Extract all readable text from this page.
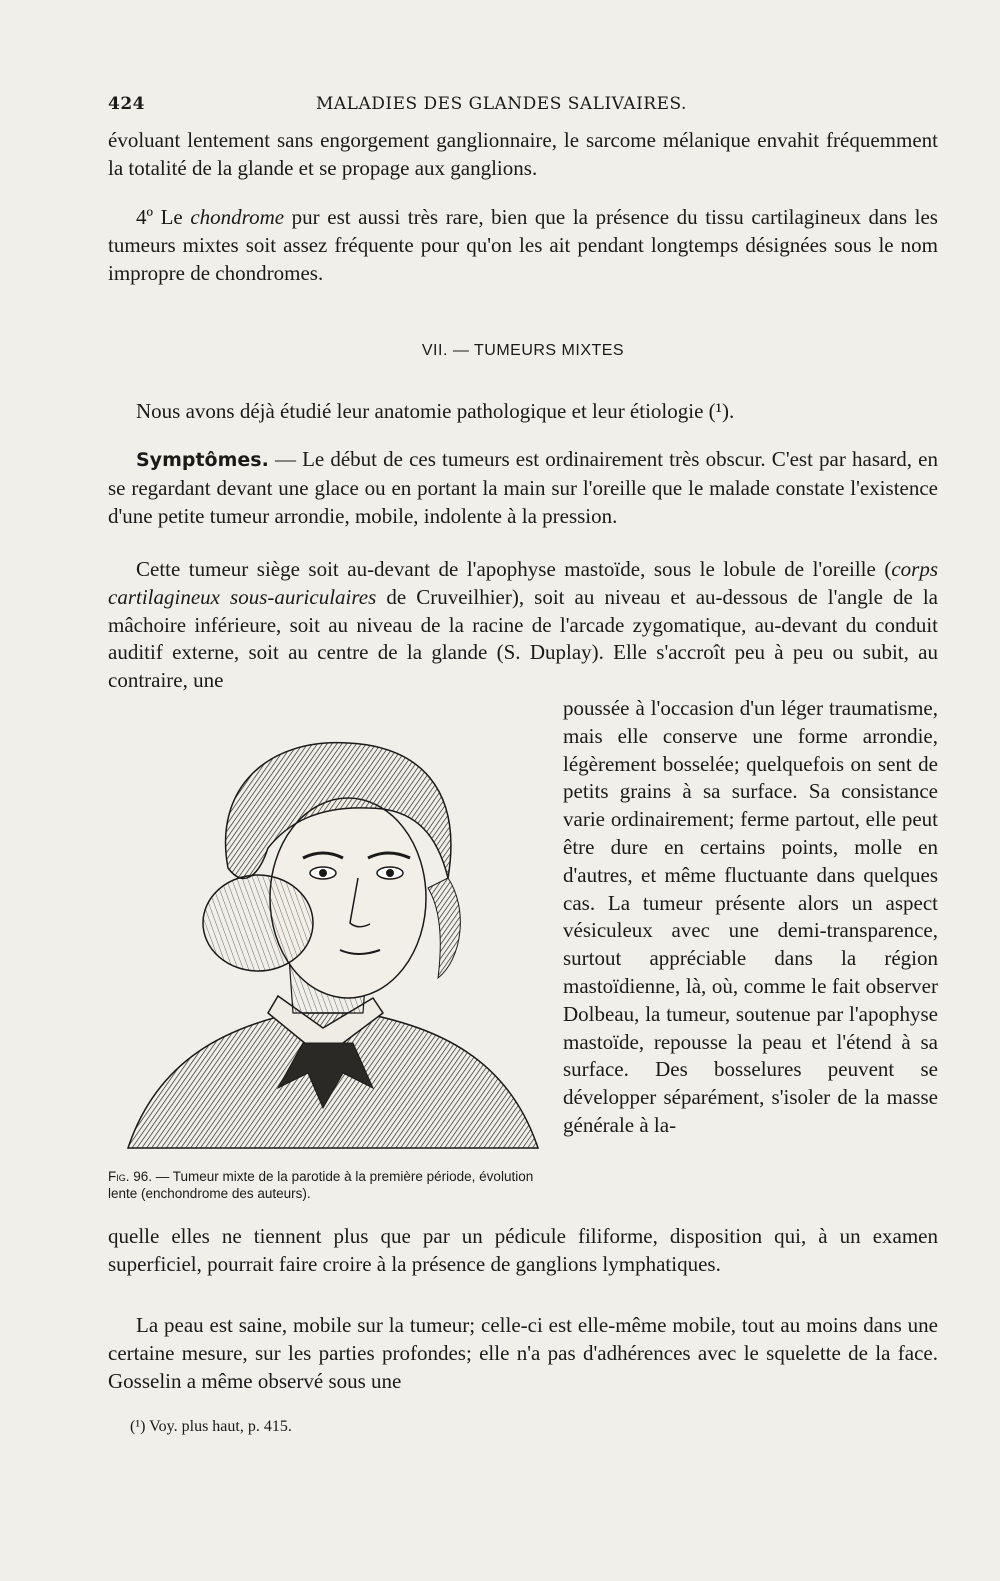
424	MALADIES DES GLANDES SALIVAIRES.
évoluant lentement sans engorgement ganglionnaire, le sarcome mélanique envahit fréquemment la totalité de la glande et se propage aux ganglions.
4º Le chondrome pur est aussi très rare, bien que la présence du tissu cartilagineux dans les tumeurs mixtes soit assez fréquente pour qu'on les ait pendant longtemps désignées sous le nom impropre de chondromes.
VII. — TUMEURS MIXTES
Nous avons déjà étudié leur anatomie pathologique et leur étiologie (¹).
Symptômes. — Le début de ces tumeurs est ordinairement très obscur. C'est par hasard, en se regardant devant une glace ou en portant la main sur l'oreille que le malade constate l'existence d'une petite tumeur arrondie, mobile, indolente à la pression.
Cette tumeur siège soit au-devant de l'apophyse mastoïde, sous le lobule de l'oreille (corps cartilagineux sous-auriculaires de Cruveilhier), soit au niveau et au-dessous de l'angle de la mâchoire inférieure, soit au niveau de la racine de l'arcade zygomatique, au-devant du conduit auditif externe, soit au centre de la glande (S. Duplay). Elle s'accroît peu à peu ou subit, au contraire, une
poussée à l'occasion d'un léger traumatisme, mais elle conserve une forme arrondie, légèrement bosselée; quelquefois on sent de petits grains à sa surface. Sa consistance varie ordinairement; ferme partout, elle peut être dure en certains points, molle en d'autres, et même fluctuante dans quelques cas. La tumeur présente alors un aspect vésiculeux avec une demi-transparence, surtout appréciable dans la région mastoïdienne, là, où, comme le fait observer Dolbeau, la tumeur, soutenue par l'apophyse mastoïde, repousse la peau et l'étend à sa surface. Des bosselures peuvent se développer séparément, s'isoler de la masse générale à la-
Fig. 96. — Tumeur mixte de la parotide à la première période, évolution lente (enchondrome des auteurs).
quelle elles ne tiennent plus que par un pédicule filiforme, disposition qui, à un examen superficiel, pourrait faire croire à la présence de ganglions lymphatiques.
La peau est saine, mobile sur la tumeur; celle-ci est elle-même mobile, tout au moins dans une certaine mesure, sur les parties profondes; elle n'a pas d'adhérences avec le squelette de la face. Gosselin a même observé sous une
(¹) Voy. plus haut, p. 415.
